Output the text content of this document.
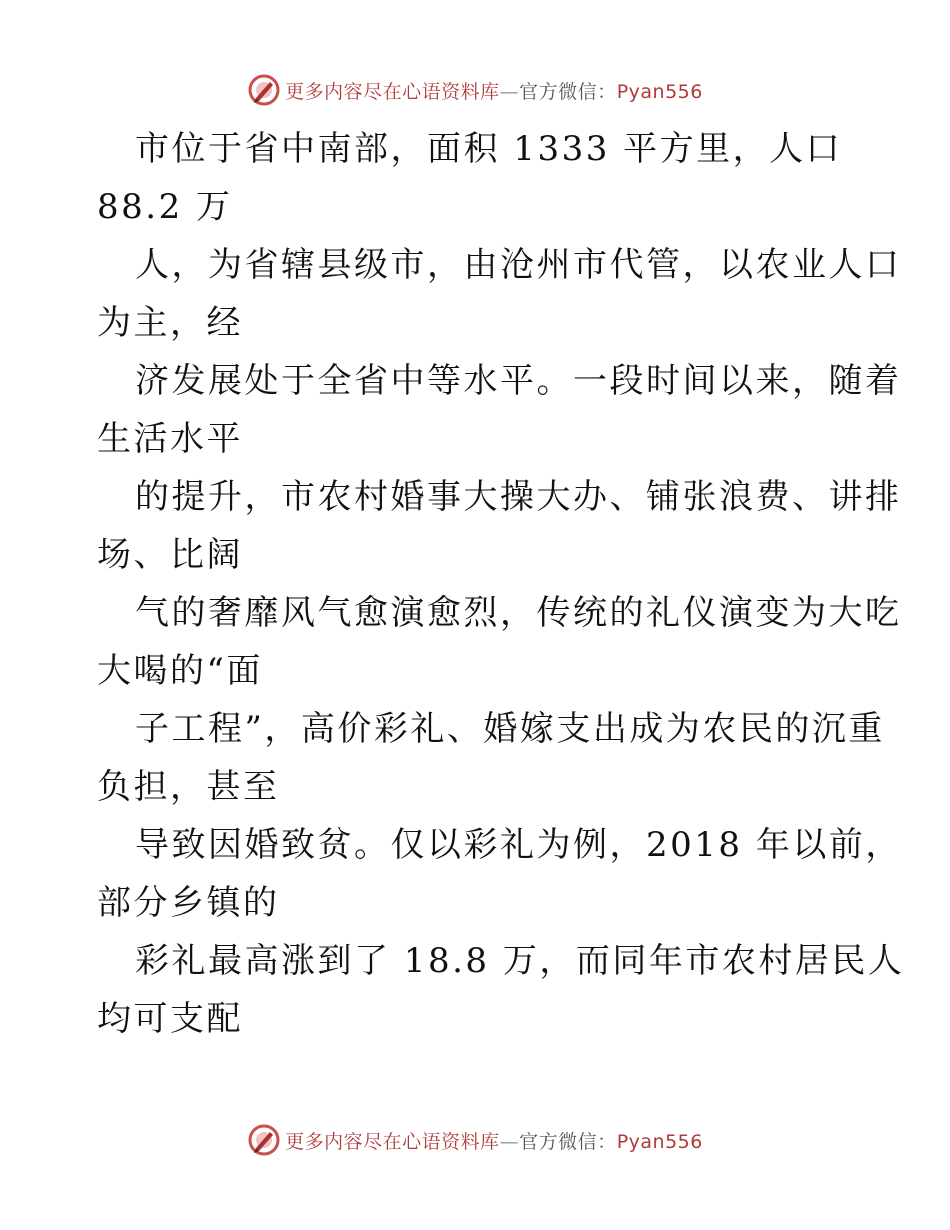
更多内容尽在心语资料库—官方微信：Pyan556
市位于省中南部，面积 1333 平方里，人口
88.2 万
人，为省辖县级市，由沧州市代管，以农业人口
为主，经
济发展处于全省中等水平。一段时间以来，随着
生活水平
的提升，市农村婚事大操大办、铺张浪费、讲排
场、比阔
气的奢靡风气愈演愈烈，传统的礼仪演变为大吃
大喝的“面
子工程”，高价彩礼、婚嫁支出成为农民的沉重
负担，甚至
导致因婚致贫。仅以彩礼为例，2018 年以前，
部分乡镇的
彩礼最高涨到了 18.8 万，而同年市农村居民人
均可支配
更多内容尽在心语资料库—官方微信：Pyan556
